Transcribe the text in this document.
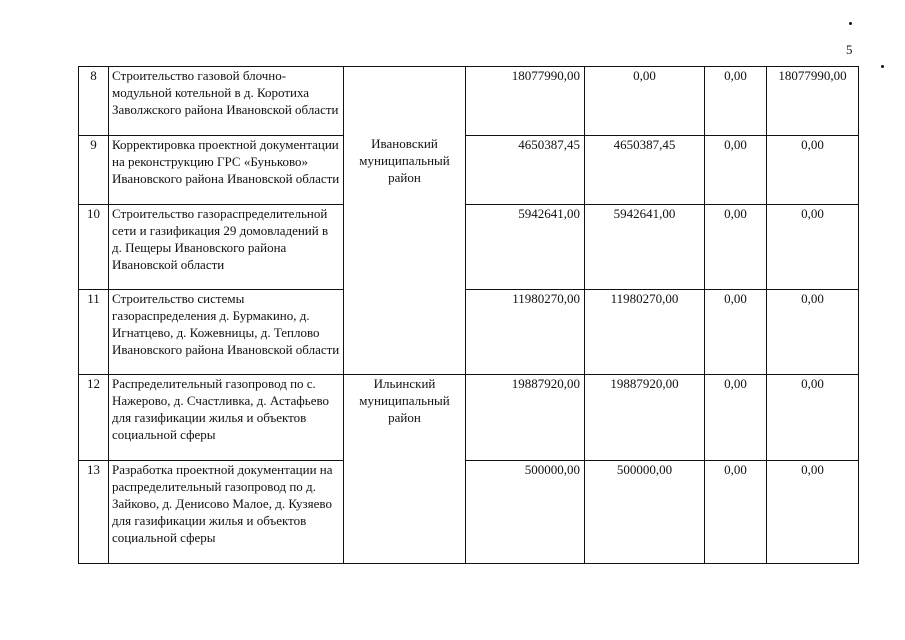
5
8	Строительство газовой блочно-модульной котельной в д. Коротиха Заволжского района Ивановской области	Ивановский муниципальный район	18077990,00	0,00	0,00	18077990,00
9	Корректировка проектной документации на реконструкцию ГРС «Буньково» Ивановского района Ивановской области		4650387,45	4650387,45	0,00	0,00
10	Строительство газораспределительной сети и газификация 29 домовладений в д. Пещеры Ивановского района Ивановской области		5942641,00	5942641,00	0,00	0,00
11	Строительство системы газораспределения д. Бурмакино, д. Игнатцево, д. Кожевницы, д. Теплово Ивановского района Ивановской области		11980270,00	11980270,00	0,00	0,00
12	Распределительный газопровод по с. Нажерово, д. Счастливка, д. Астафьево для газификации жилья и объектов социальной сферы	Ильинский муниципальный район	19887920,00	19887920,00	0,00	0,00
13	Разработка проектной документации на распределительный газопровод по д. Зайково, д. Денисово Малое, д. Кузяево для газификации жилья и объектов социальной сферы		500000,00	500000,00	0,00	0,00
